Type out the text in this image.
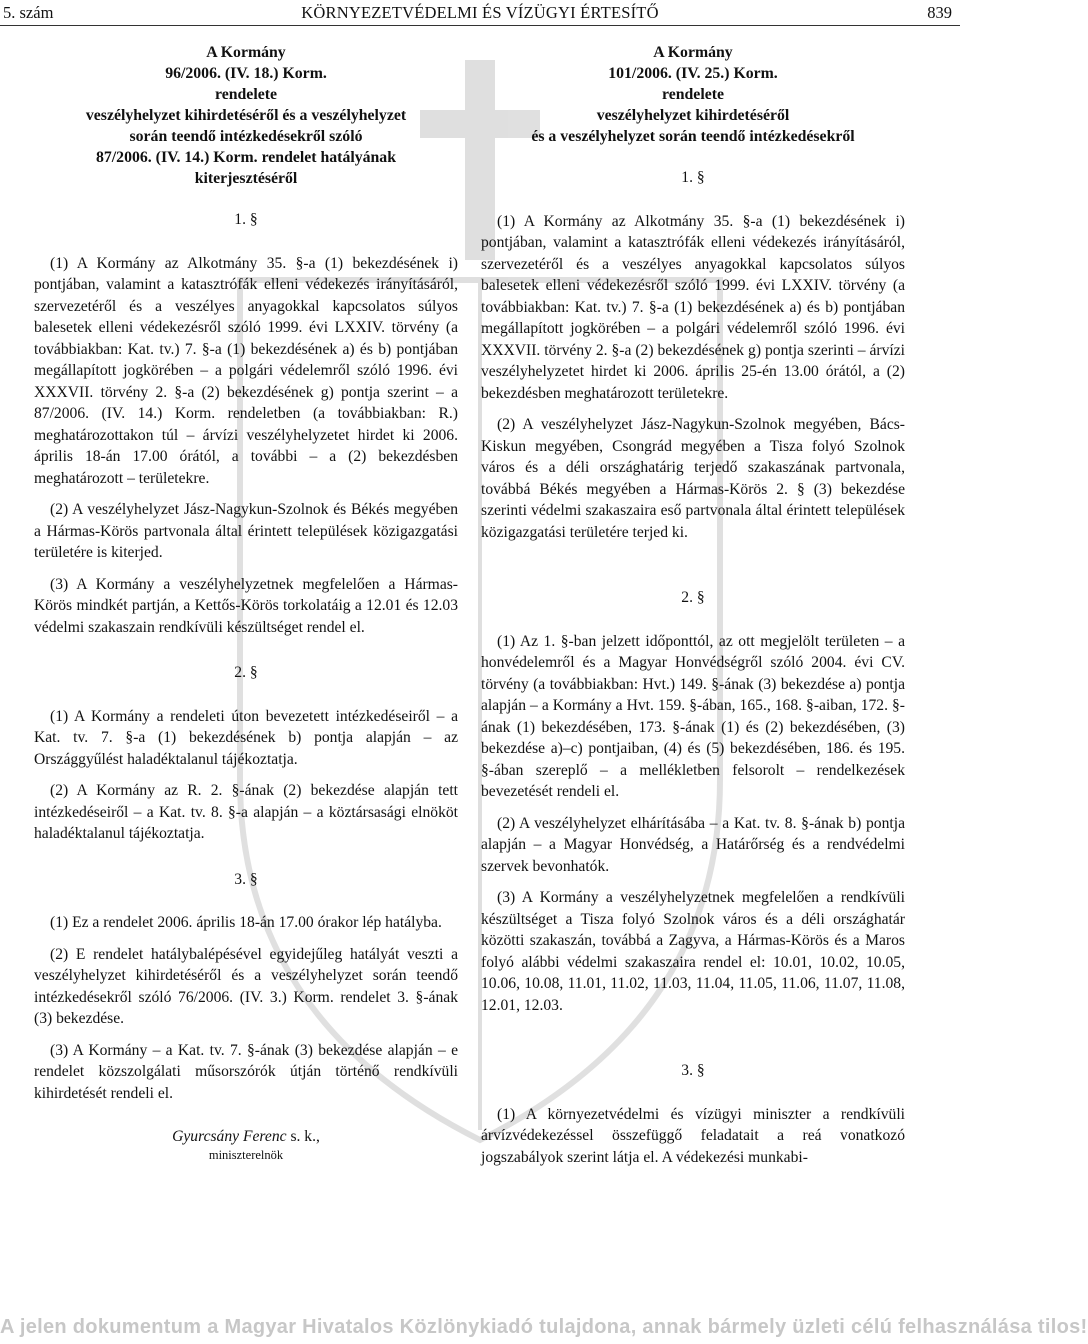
5. szám	KÖRNYEZETVÉDELMI ÉS VÍZÜGYI ÉRTESÍTŐ	839
A Kormány
96/2006. (IV. 18.) Korm.
rendelete
veszélyhelyzet kihirdetéséről és a veszélyhelyzet
során teendő intézkedésekről szóló
87/2006. (IV. 14.) Korm. rendelet hatályának
kiterjesztéséről
1. §

(1) A Kormány az Alkotmány 35. §-a (1) bekezdésének i) pontjában, valamint a katasztrófák elleni védekezés irányításáról, szervezetéről és a veszélyes anyagokkal kapcsolatos súlyos balesetek elleni védekezésről szóló 1999. évi LXXIV. törvény (a továbbiakban: Kat. tv.) 7. §-a (1) bekezdésének a) és b) pontjában megállapított jogkörében – a polgári védelemről szóló 1996. évi XXXVII. törvény 2. §-a (2) bekezdésének g) pontja szerint – a 87/2006. (IV. 14.) Korm. rendeletben (a továbbiakban: R.) meghatározottakon túl – árvízi veszélyhelyzetet hirdet ki 2006. április 18-án 17.00 órától, a további – a (2) bekezdésben meghatározott – területekre.

(2) A veszélyhelyzet Jász-Nagykun-Szolnok és Békés megyében a Hármas-Körös partvonala által érintett települések közigazgatási területére is kiterjed.

(3) A Kormány a veszélyhelyzetnek megfelelően a Hármas-Körös mindkét partján, a Kettős-Körös torkolatáig a 12.01 és 12.03 védelmi szakaszain rendkívüli készültséget rendel el.

2. §

(1) A Kormány a rendeleti úton bevezetett intézkedéseiről – a Kat. tv. 7. §-a (1) bekezdésének b) pontja alapján – az Országgyűlést haladéktalanul tájékoztatja.

(2) A Kormány az R. 2. §-ának (2) bekezdése alapján tett intézkedéseiről – a Kat. tv. 8. §-a alapján – a köztársasági elnököt haladéktalanul tájékoztatja.

3. §

(1) Ez a rendelet 2006. április 18-án 17.00 órakor lép hatályba.

(2) E rendelet hatálybalépésével egyidejűleg hatályát veszti a veszélyhelyzet kihirdetéséről és a veszélyhelyzet során teendő intézkedésekről szóló 76/2006. (IV. 3.) Korm. rendelet 3. §-ának (3) bekezdése.

(3) A Kormány – a Kat. tv. 7. §-ának (3) bekezdése alapján – e rendelet közszolgálati műsorszórók útján történő rendkívüli kihirdetését rendeli el.

Gyurcsány Ferenc s. k.,
miniszterelnök
A Kormány
101/2006. (IV. 25.) Korm.
rendelete
veszélyhelyzet kihirdetéséről
és a veszélyhelyzet során teendő intézkedésekről
1. §

(1) A Kormány az Alkotmány 35. §-a (1) bekezdésének i) pontjában, valamint a katasztrófák elleni védekezés irányításáról, szervezetéről és a veszélyes anyagokkal kapcsolatos súlyos balesetek elleni védekezésről szóló 1999. évi LXXIV. törvény (a továbbiakban: Kat. tv.) 7. §-a (1) bekezdésének a) és b) pontjában megállapított jogkörében – a polgári védelemről szóló 1996. évi XXXVII. törvény 2. §-a (2) bekezdésének g) pontja szerinti – árvízi veszélyhelyzetet hirdet ki 2006. április 25-én 13.00 órától, a (2) bekezdésben meghatározott területekre.

(2) A veszélyhelyzet Jász-Nagykun-Szolnok megyében, Bács-Kiskun megyében, Csongrád megyében a Tisza folyó Szolnok város és a déli országhatárig terjedő szakaszának partvonala, továbbá Békés megyében a Hármas-Körös 2. § (3) bekezdése szerinti védelmi szakaszaira eső partvonala által érintett települések közigazgatási területére terjed ki.

2. §

(1) Az 1. §-ban jelzett időponttól, az ott megjelölt területen – a honvédelemről és a Magyar Honvédségről szóló 2004. évi CV. törvény (a továbbiakban: Hvt.) 149. §-ának (3) bekezdése a) pontja alapján – a Kormány a Hvt. 159. §-ában, 165., 168. §-aiban, 172. §-ának (1) bekezdésében, 173. §-ának (1) és (2) bekezdésében, (3) bekezdése a)–c) pontjaiban, (4) és (5) bekezdésében, 186. és 195. §-ában szereplő – a mellékletben felsorolt – rendelkezések bevezetését rendeli el.

(2) A veszélyhelyzet elhárításába – a Kat. tv. 8. §-ának b) pontja alapján – a Magyar Honvédség, a Határőrség és a rendvédelmi szervek bevonhatók.

(3) A Kormány a veszélyhelyzetnek megfelelően a rendkívüli készültséget a Tisza folyó Szolnok város és a déli országhatár közötti szakaszán, továbbá a Zagyva, a Hármas-Körös és a Maros folyó alábbi védelmi szakaszaira rendel el: 10.01, 10.02, 10.05, 10.06, 10.08, 11.01, 11.02, 11.03, 11.04, 11.05, 11.06, 11.07, 11.08, 12.01, 12.03.

3. §

(1) A környezetvédelmi és vízügyi miniszter a rendkívüli árvízvédekezéssel összefüggő feladatait a reá vonatkozó jogszabályok szerint látja el. A védekezési munkabi-

A jelen dokumentum a Magyar Hivatalos Közlönykiadó tulajdona, annak bármely üzleti célú felhasználása tilos!
